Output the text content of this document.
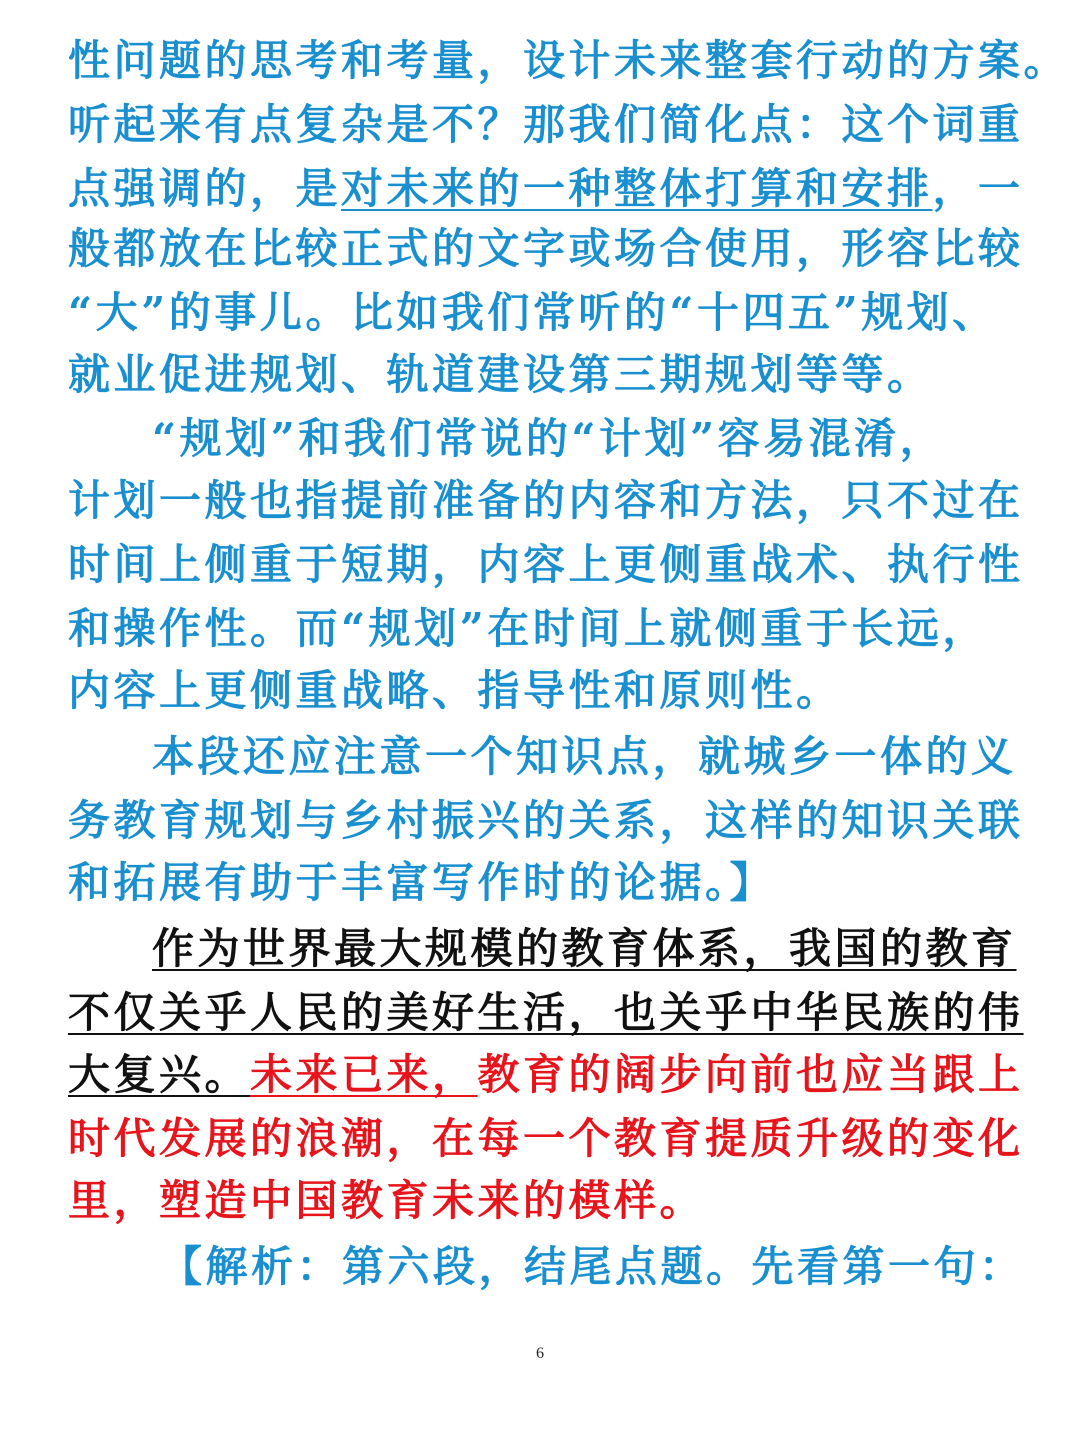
性问题的思考和考量，设计未来整套行动的方案。
听起来有点复杂是不？那我们简化点：这个词重
点强调的，是对未来的一种整体打算和安排，一
般都放在比较正式的文字或场合使用，形容比较
“大”的事儿。比如我们常听的“十四五”规划、
就业促进规划、轨道建设第三期规划等等。
“规划”和我们常说的“计划”容易混淆，
计划一般也指提前准备的内容和方法，只不过在
时间上侧重于短期，内容上更侧重战术、执行性
和操作性。而“规划”在时间上就侧重于长远，
内容上更侧重战略、指导性和原则性。
本段还应注意一个知识点，就城乡一体的义
务教育规划与乡村振兴的关系，这样的知识关联
和拓展有助于丰富写作时的论据。】
作为世界最大规模的教育体系，我国的教育
不仅关乎人民的美好生活，也关乎中华民族的伟
大复兴。未来已来，教育的阔步向前也应当跟上
时代发展的浪潮，在每一个教育提质升级的变化
里，塑造中国教育未来的模样。
【解析：第六段，结尾点题。先看第一句：
6
